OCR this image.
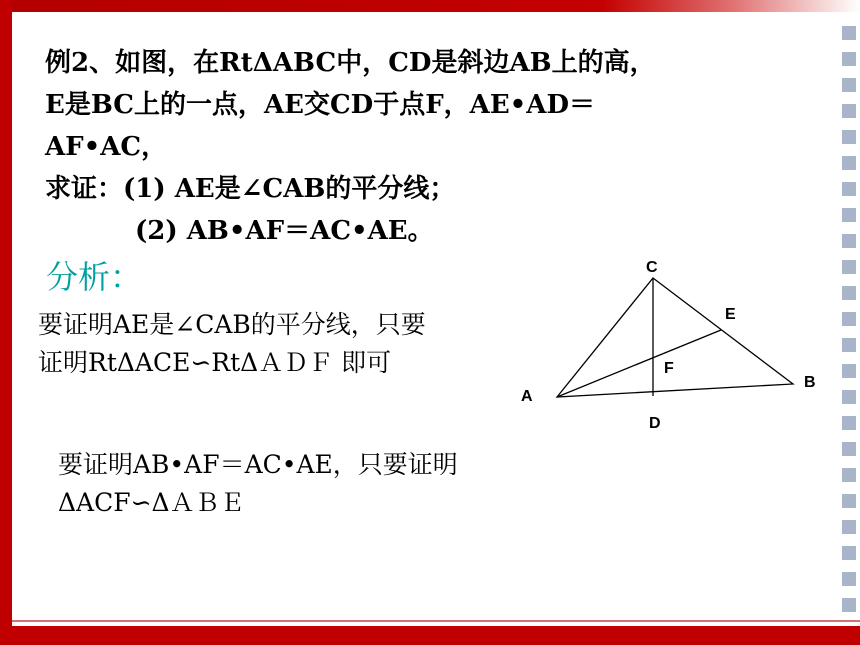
例2、如图，在RtΔABC中，CD是斜边AB上的高，
E是BC上的一点，AE交CD于点F，AE•AD＝
AF•AC，
求证：(1) AE是∠CAB的平分线；
(2) AB•AF＝AC•AE。
分析：
要证明AE是∠CAB的平分线，只要
证明RtΔACE∽RtΔＡＤＦ 即可
要证明AB•AF＝AC•AE，只要证明
ΔACF∽ΔＡＢＥ
C
E
F
A
B
D
